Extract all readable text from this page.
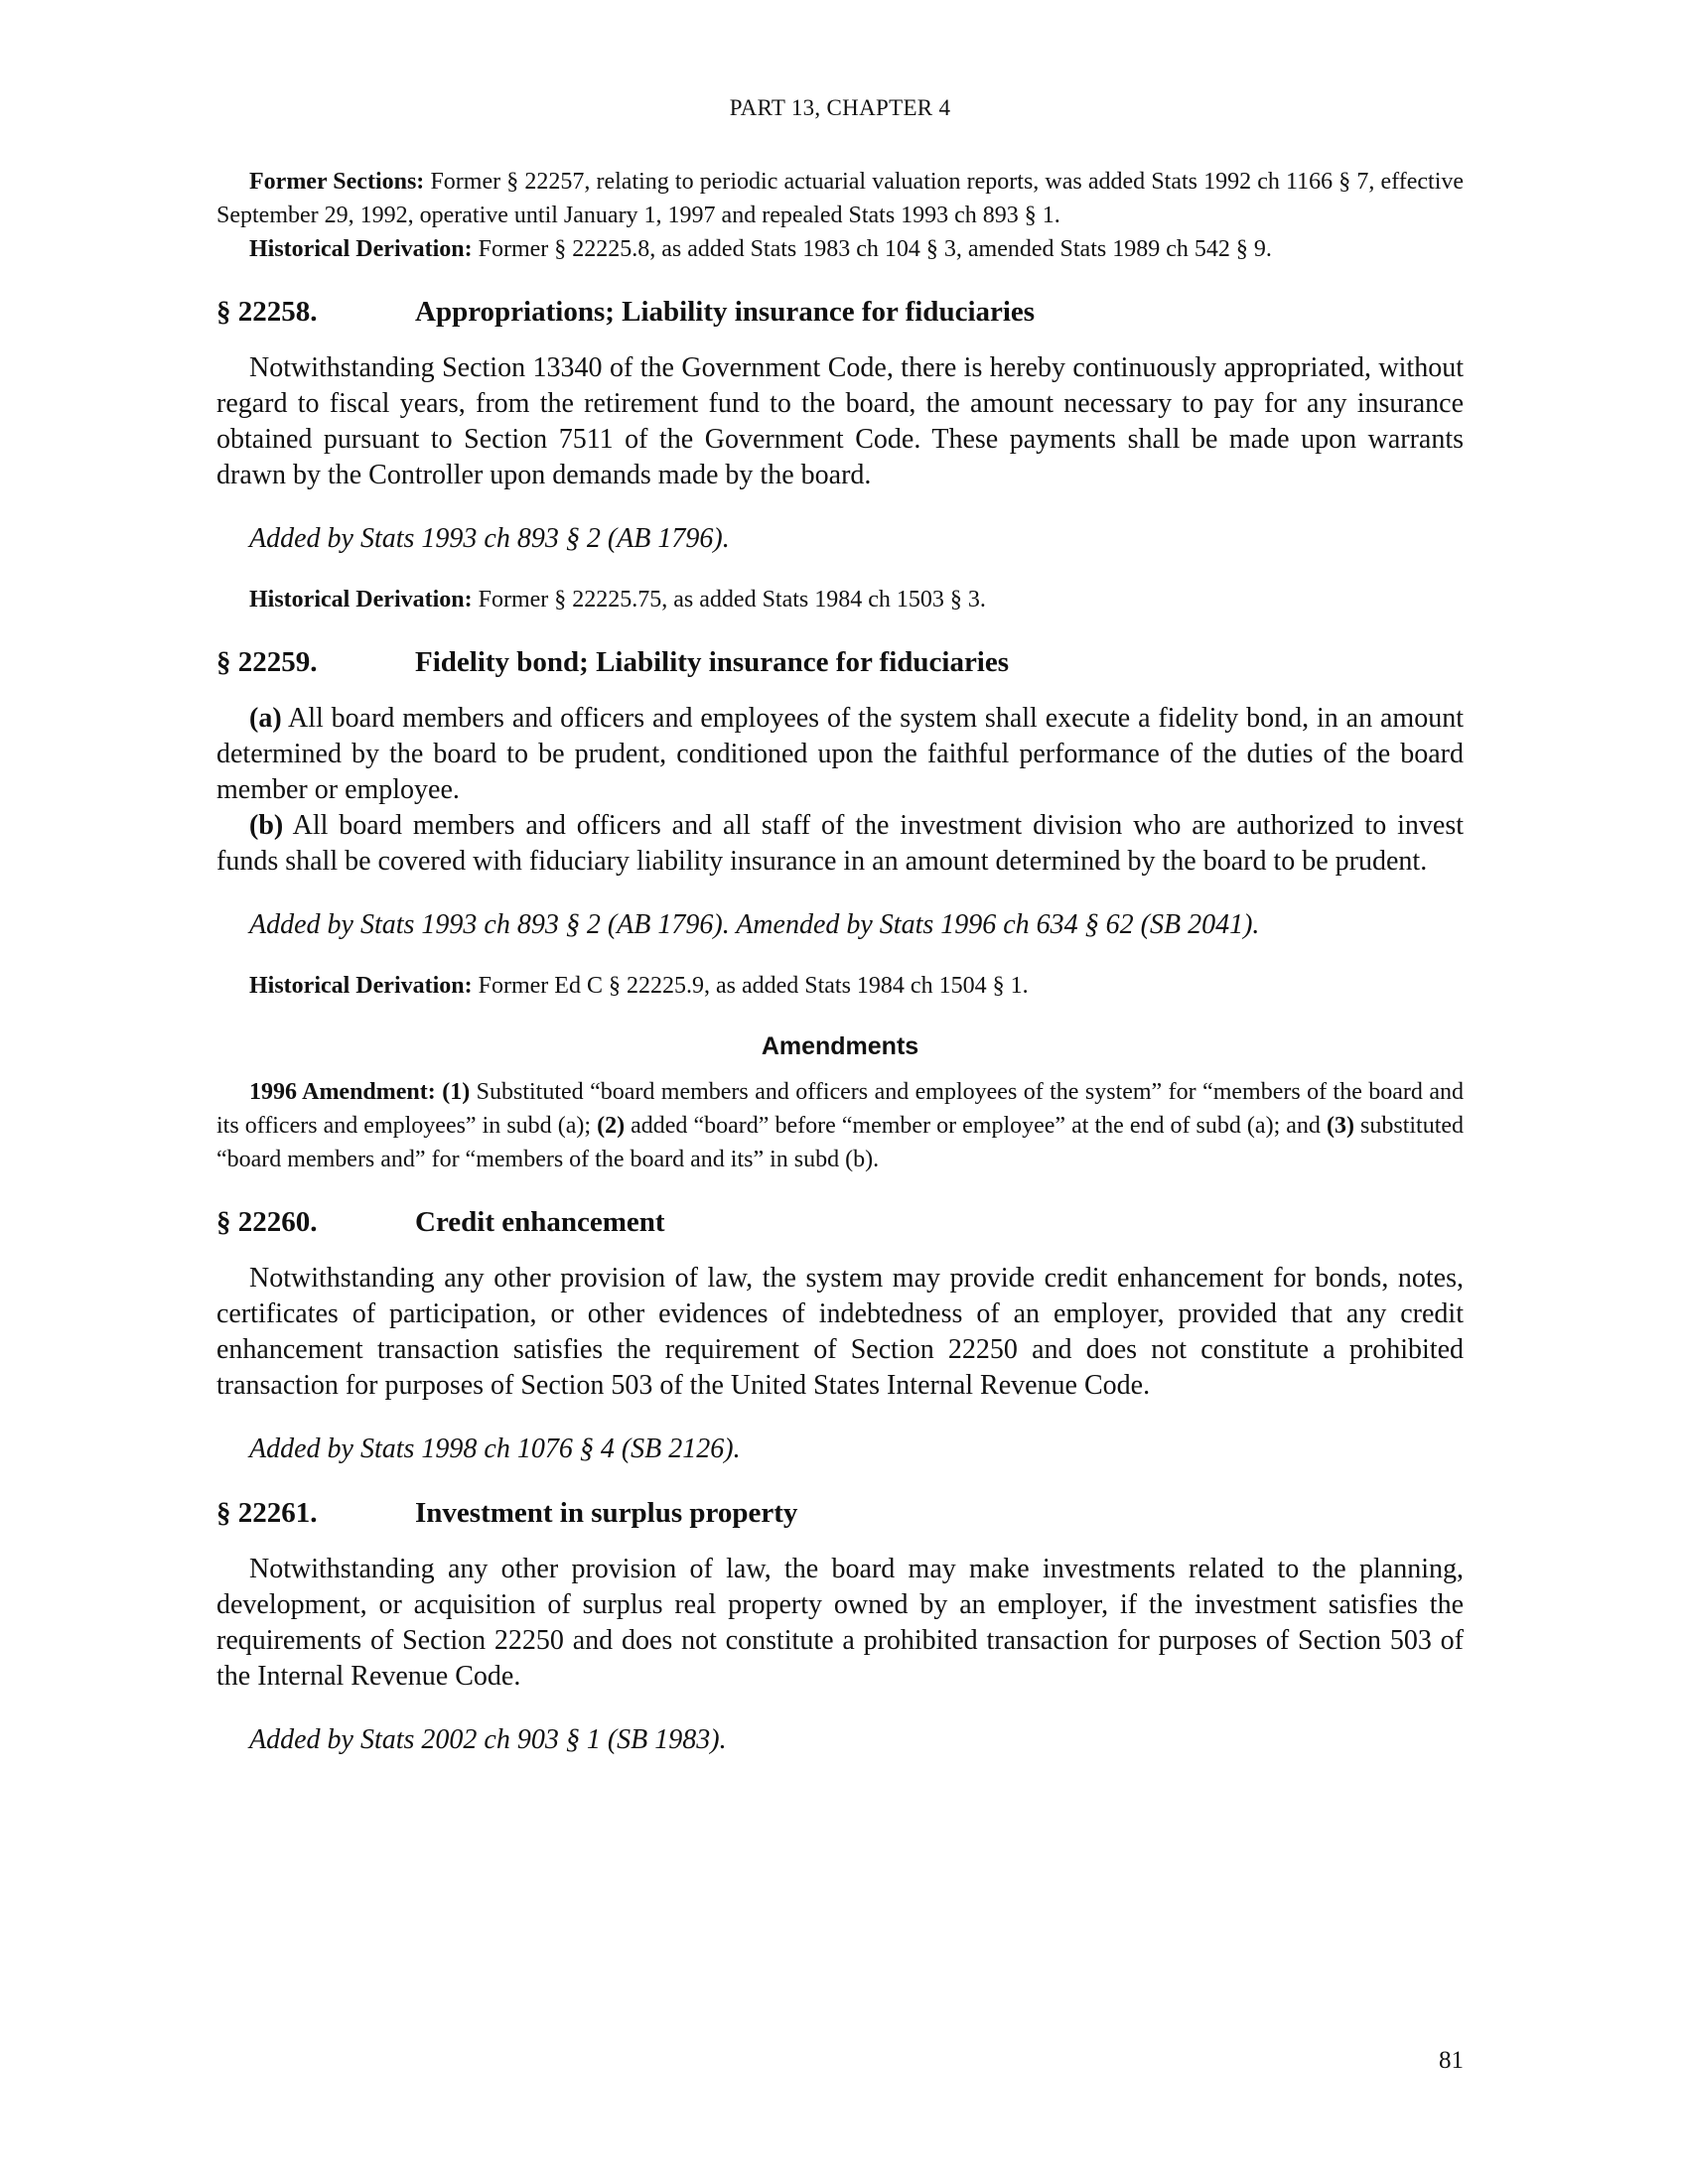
PART 13, CHAPTER 4

Former Sections: Former § 22257, relating to periodic actuarial valuation reports, was added Stats 1992 ch 1166 § 7, effective September 29, 1992, operative until January 1, 1997 and repealed Stats 1993 ch 893 § 1.

Historical Derivation: Former § 22225.8, as added Stats 1983 ch 104 § 3, amended Stats 1989 ch 542 § 9.

§ 22258.	Appropriations; Liability insurance for fiduciaries

Notwithstanding Section 13340 of the Government Code, there is hereby continuously appropriated, without regard to fiscal years, from the retirement fund to the board, the amount necessary to pay for any insurance obtained pursuant to Section 7511 of the Government Code. These payments shall be made upon warrants drawn by the Controller upon demands made by the board.

Added by Stats 1993 ch 893 § 2 (AB 1796).

Historical Derivation: Former § 22225.75, as added Stats 1984 ch 1503 § 3.

§ 22259.	Fidelity bond; Liability insurance for fiduciaries

(a) All board members and officers and employees of the system shall execute a fidelity bond, in an amount determined by the board to be prudent, conditioned upon the faithful performance of the duties of the board member or employee.

(b) All board members and officers and all staff of the investment division who are authorized to invest funds shall be covered with fiduciary liability insurance in an amount determined by the board to be prudent.

Added by Stats 1993 ch 893 § 2 (AB 1796). Amended by Stats 1996 ch 634 § 62 (SB 2041).

Historical Derivation: Former Ed C § 22225.9, as added Stats 1984 ch 1504 § 1.

Amendments

1996 Amendment: (1) Substituted “board members and officers and employees of the system” for “members of the board and its officers and employees” in subd (a); (2) added “board” before “member or employee” at the end of subd (a); and (3) substituted “board members and” for “members of the board and its” in subd (b).

§ 22260.	Credit enhancement

Notwithstanding any other provision of law, the system may provide credit enhancement for bonds, notes, certificates of participation, or other evidences of indebtedness of an employer, provided that any credit enhancement transaction satisfies the requirement of Section 22250 and does not constitute a prohibited transaction for purposes of Section 503 of the United States Internal Revenue Code.

Added by Stats 1998 ch 1076 § 4 (SB 2126).

§ 22261.	Investment in surplus property

Notwithstanding any other provision of law, the board may make investments related to the planning, development, or acquisition of surplus real property owned by an employer, if the investment satisfies the requirements of Section 22250 and does not constitute a prohibited transaction for purposes of Section 503 of the Internal Revenue Code.

Added by Stats 2002 ch 903 § 1 (SB 1983).

81
